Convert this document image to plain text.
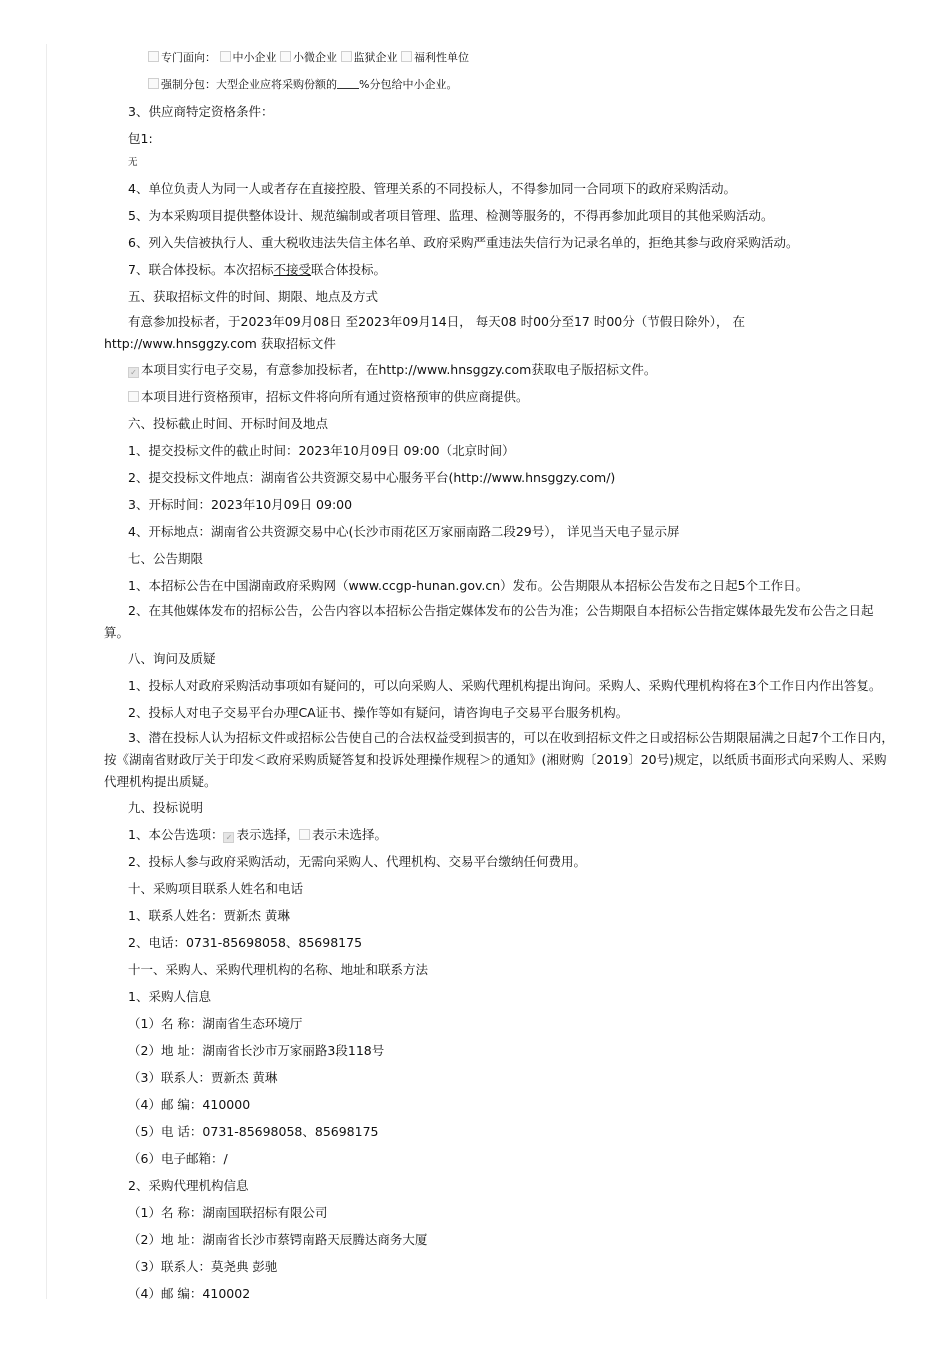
专门面向： 中小企业 小微企业 监狱企业 福利性单位
强制分包：大型企业应将采购份额的 %分包给中小企业。
3、供应商特定资格条件：
包1:
无
4、单位负责人为同一人或者存在直接控股、管理关系的不同投标人，不得参加同一合同项下的政府采购活动。
5、为本采购项目提供整体设计、规范编制或者项目管理、监理、检测等服务的，不得再参加此项目的其他采购活动。
6、列入失信被执行人、重大税收违法失信主体名单、政府采购严重违法失信行为记录名单的，拒绝其参与政府采购活动。
7、联合体投标。本次招标不接受联合体投标。
五、获取招标文件的时间、期限、地点及方式
有意参加投标者，于2023年09月08日 至2023年09月14日， 每天08 时00分至17 时00分（节假日除外）， 在http://www.hnsggzy.com 获取招标文件
✓ 本项目实行电子交易，有意参加投标者，在http://www.hnsggzy.com获取电子版招标文件。
本项目进行资格预审，招标文件将向所有通过资格预审的供应商提供。
六、投标截止时间、开标时间及地点
1、提交投标文件的截止时间：2023年10月09日 09:00（北京时间）
2、提交投标文件地点：湖南省公共资源交易中心服务平台(http://www.hnsggzy.com/)
3、开标时间：2023年10月09日 09:00
4、开标地点：湖南省公共资源交易中心(长沙市雨花区万家丽南路二段29号）， 详见当天电子显示屏
七、公告期限
1、本招标公告在中国湖南政府采购网（www.ccgp-hunan.gov.cn）发布。公告期限从本招标公告发布之日起5个工作日。
2、在其他媒体发布的招标公告，公告内容以本招标公告指定媒体发布的公告为准；公告期限自本招标公告指定媒体最先发布公告之日起算。
八、询问及质疑
1、投标人对政府采购活动事项如有疑问的，可以向采购人、采购代理机构提出询问。采购人、采购代理机构将在3个工作日内作出答复。
2、投标人对电子交易平台办理CA证书、操作等如有疑问，请咨询电子交易平台服务机构。
3、潜在投标人认为招标文件或招标公告使自己的合法权益受到损害的，可以在收到招标文件之日或招标公告期限届满之日起7个工作日内，按《湖南省财政厅关于印发＜政府采购质疑答复和投诉处理操作规程＞的通知》(湘财购〔2019〕20号)规定，以纸质书面形式向采购人、采购代理机构提出质疑。
九、投标说明
1、本公告选项： ✓ 表示选择， 表示未选择。
2、投标人参与政府采购活动，无需向采购人、代理机构、交易平台缴纳任何费用。
十、采购项目联系人姓名和电话
1、联系人姓名：贾新杰 黄琳
2、电话：0731-85698058、85698175
十一、采购人、采购代理机构的名称、地址和联系方法
1、采购人信息
（1）名 称：湖南省生态环境厅
（2）地 址：湖南省长沙市万家丽路3段118号
（3）联系人：贾新杰 黄琳
（4）邮 编：410000
（5）电 话：0731-85698058、85698175
（6）电子邮箱：/
2、采购代理机构信息
（1）名 称：湖南国联招标有限公司
（2）地 址：湖南省长沙市蔡锷南路天辰腾达商务大厦
（3）联系人：莫尧典 彭驰
（4）邮 编：410002
